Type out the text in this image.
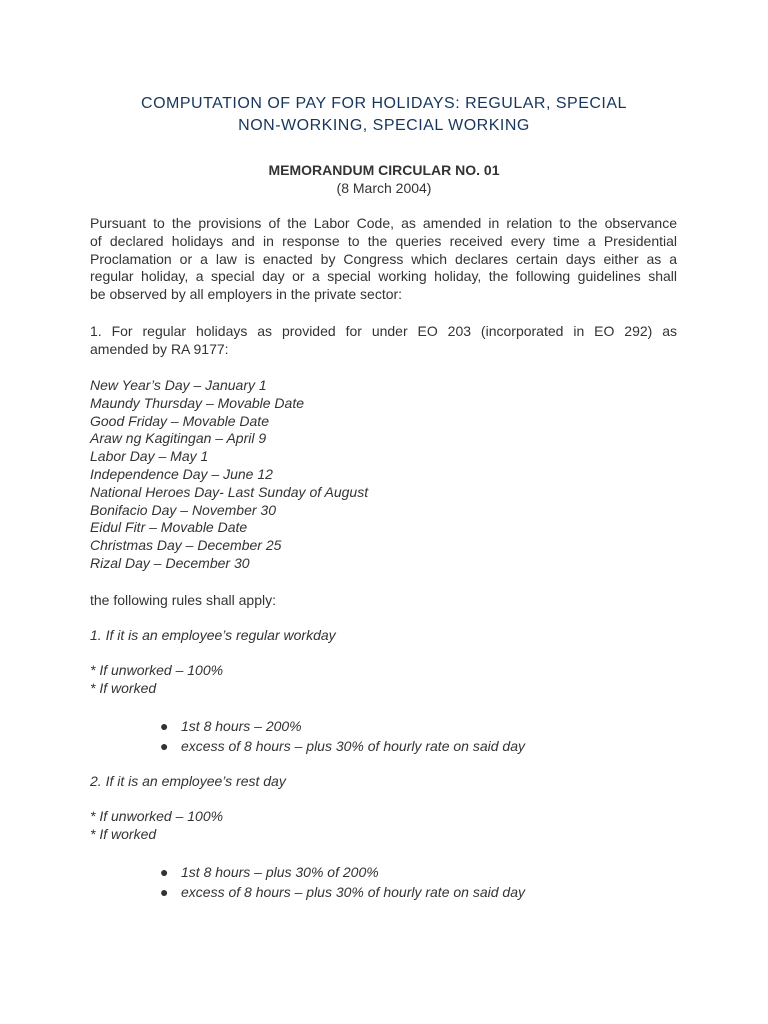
COMPUTATION OF PAY FOR HOLIDAYS: REGULAR, SPECIAL
NON-WORKING, SPECIAL WORKING
MEMORANDUM CIRCULAR NO. 01
(8 March 2004)
Pursuant to the provisions of the Labor Code, as amended in relation to the observance
of declared holidays and in response to the queries received every time a Presidential
Proclamation or a law is enacted by Congress which declares certain days either as a
regular holiday, a special day or a special working holiday, the following guidelines shall
be observed by all employers in the private sector:
1. For regular holidays as provided for under EO 203 (incorporated in EO 292) as
amended by RA 9177:
New Year’s Day – January 1
Maundy Thursday – Movable Date
Good Friday – Movable Date
Araw ng Kagitingan – April 9
Labor Day – May 1
Independence Day – June 12
National Heroes Day- Last Sunday of August
Bonifacio Day – November 30
Eidul Fitr – Movable Date
Christmas Day – December 25
Rizal Day – December 30
the following rules shall apply:
1. If it is an employee’s regular workday
* If unworked – 100%
* If worked
● 1st 8 hours – 200%
● excess of 8 hours – plus 30% of hourly rate on said day
2. If it is an employee’s rest day
* If unworked – 100%
* If worked
● 1st 8 hours – plus 30% of 200%
● excess of 8 hours – plus 30% of hourly rate on said day
